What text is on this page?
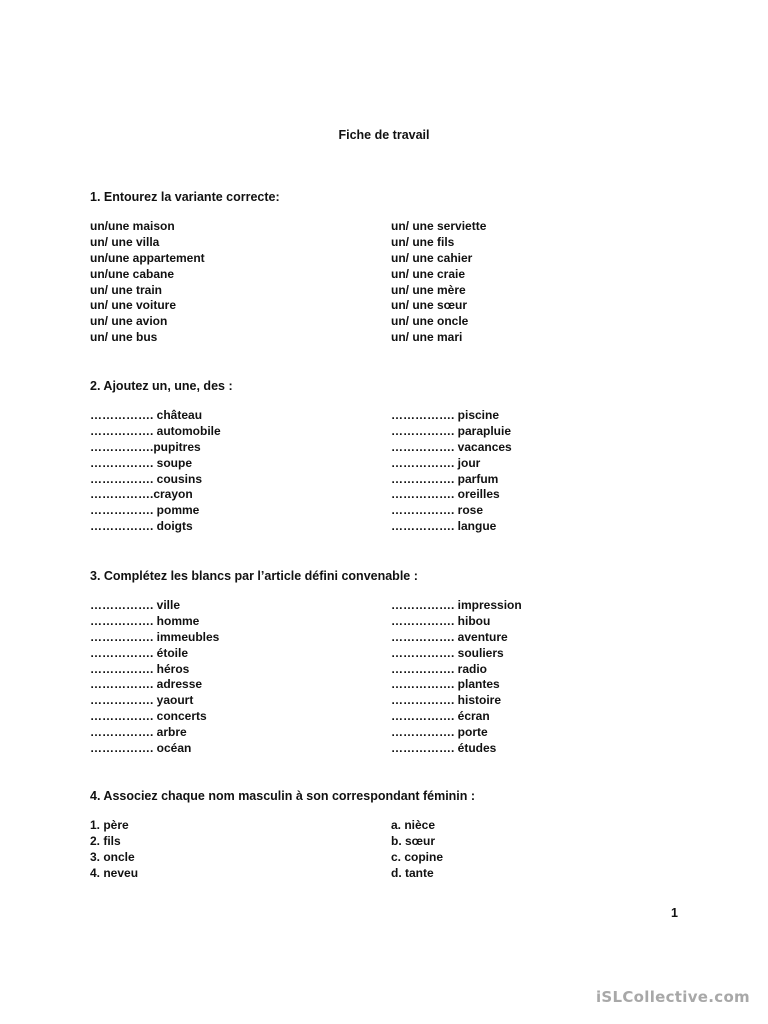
Fiche de travail
1. Entourez la variante correcte:
un/une maison	un/ une serviette
un/ une villa	un/ une fils
un/une appartement	un/ une cahier
un/une cabane	un/ une craie
un/ une train	un/ une mère
un/ une voiture	un/ une sœur
un/ une avion	un/ une oncle
un/ une bus	un/ une mari
2. Ajoutez un, une, des :
……………. château	……………. piscine
……………. automobile	……………. parapluie
…………….pupitres	……………. vacances
……………. soupe	……………. jour
……………. cousins	……………. parfum
…………….crayon	……………. oreilles
……………. pomme	……………. rose
……………. doigts	……………. langue
3. Complétez les blancs par l’article défini convenable :
……………. ville	……………. impression
……………. homme	……………. hibou
……………. immeubles	……………. aventure
……………. étoile	……………. souliers
……………. héros	……………. radio
……………. adresse	……………. plantes
……………. yaourt	……………. histoire
……………. concerts	……………. écran
……………. arbre	……………. porte
……………. océan	……………. études
4. Associez chaque nom masculin à son correspondant féminin :
1. père	a. nièce
2. fils	b. sœur
3. oncle	c. copine
4. neveu	d. tante
1
iSLCollective.com
